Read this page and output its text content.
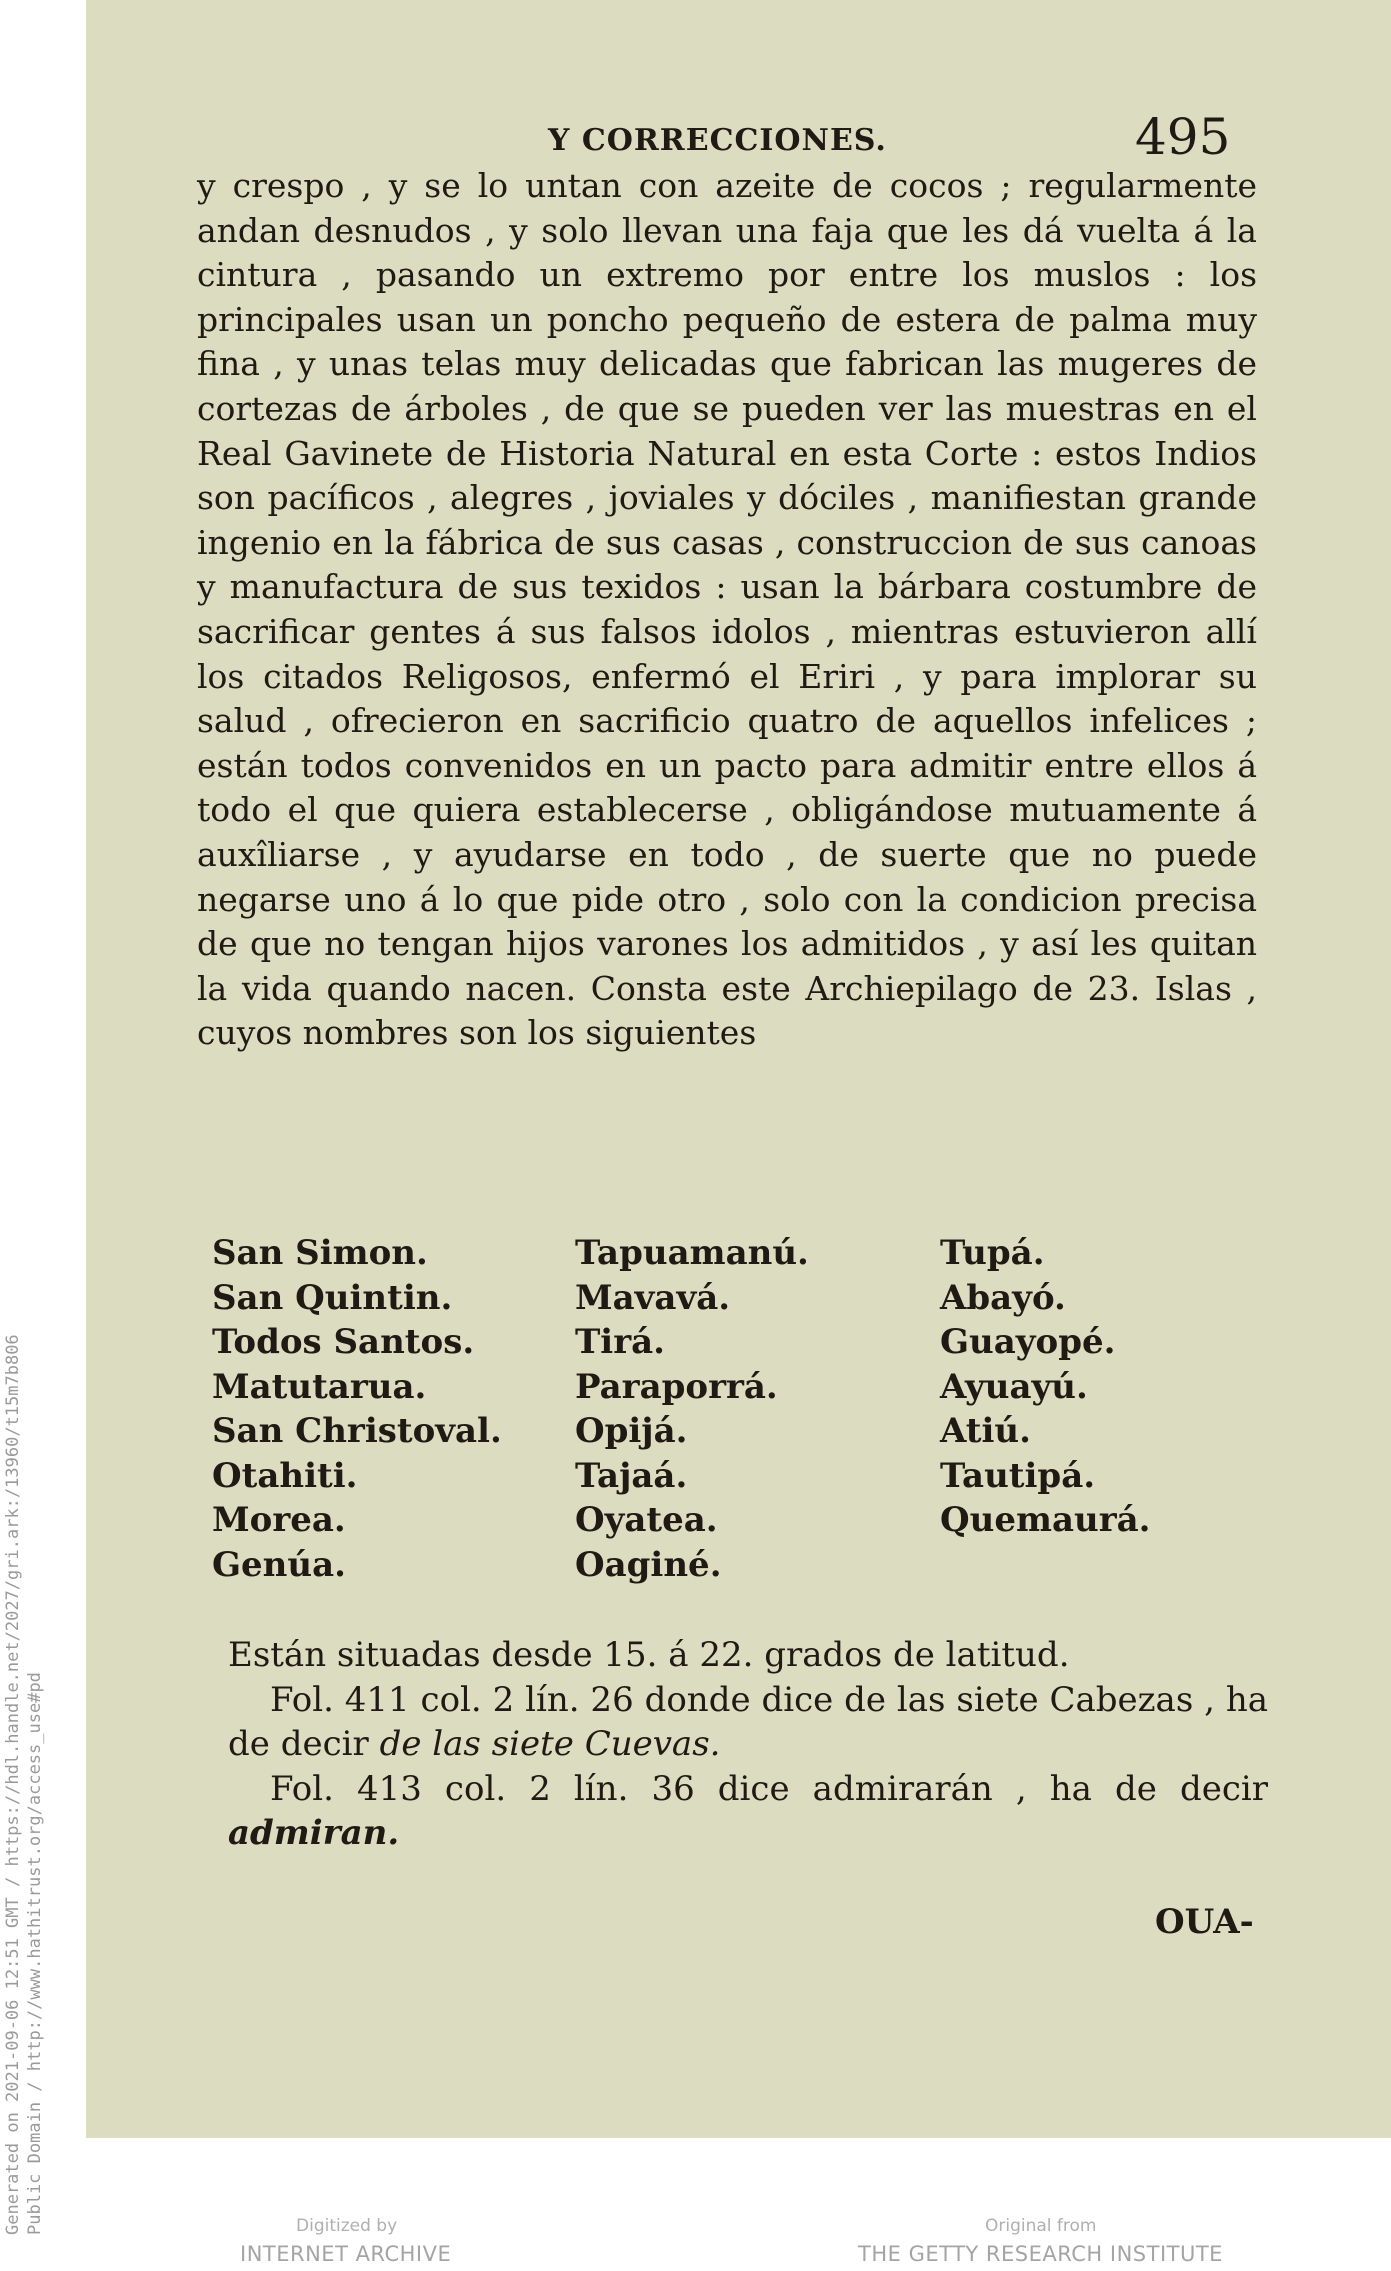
Generated on 2021-09-06 12:51 GMT / https://hdl.handle.net/2027/gri.ark:/13960/t15m7b806 Public Domain / http://www.hathitrust.org/access_use#pd
Y CORRECCIONES.	495

y crespo , y se lo untan con azeite de cocos ; regularmente andan desnudos , y solo llevan una faja que les dá vuelta á la cintura , pasando un extremo por entre los muslos : los principales usan un poncho pequeño de estera de palma muy fina , y unas telas muy delicadas que fabrican las mugeres de cortezas de árboles , de que se pueden ver las muestras en el Real Gavinete de Historia Natural en esta Corte : estos Indios son pacíficos , alegres , joviales y dóciles , manifiestan grande ingenio en la fábrica de sus casas , construccion de sus canoas y manufactura de sus texidos : usan la bárbara costumbre de sacrificar gentes á sus falsos idolos , mientras estuvieron allí los citados Religosos, enfermó el Eriri , y para implorar su salud , ofrecieron en sacrificio quatro de aquellos infelices ; están todos convenidos en un pacto para admitir entre ellos á todo el que quiera establecerse , obligándose mutuamente á auxîliarse , y ayudarse en todo , de suerte que no puede negarse uno á lo que pide otro , solo con la condicion precisa de que no tengan hijos varones los admitidos , y así les quitan la vida quando nacen. Consta este Archiepilago de 23. Islas , cuyos nombres son los siguientes

San Simon.
San Quintin.
Todos Santos.
Matutarua.
San Christoval.
Otahiti.
Morea.
Genúa.
Tapuamanú.
Mavavá.
Tirá.
Paraporrá.
Opijá.
Tajaá.
Oyatea.
Oaginé.
Tupá.
Abayó.
Guayopé.
Ayuayú.
Atiú.
Tautipá.
Quemaurá.

Están situadas desde 15. á 22. grados de latitud.

Fol. 411 col. 2 lín. 26 donde dice de las siete Cabezas , ha de decir de las siete Cuevas.

Fol. 413 col. 2 lín. 36 dice admirarán , ha de decir admiran.

OUA-
Digitized by
INTERNET ARCHIVE
Original from
THE GETTY RESEARCH INSTITUTE
